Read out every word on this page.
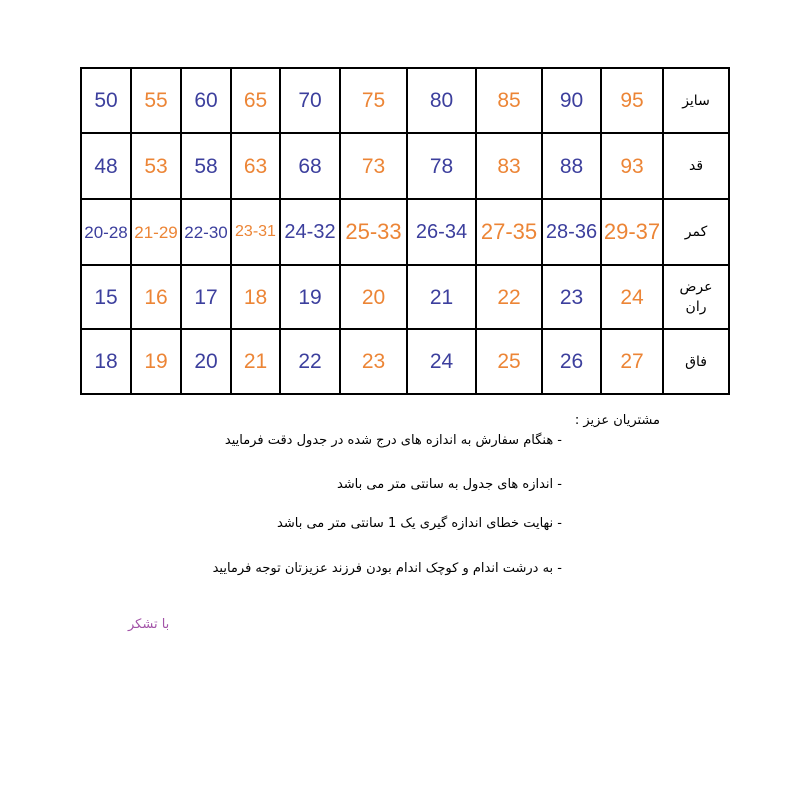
50	55	60	65	70	75	80	85	90	95	سایز
48	53	58	63	68	73	78	83	88	93	قد
20-28	21-29	22-30	23-31	24-32	25-33	26-34	27-35	28-36	29-37	کمر
15	16	17	18	19	20	21	22	23	24	عرض ران
18	19	20	21	22	23	24	25	26	27	فاق
مشتریان عزیز :
- هنگام سفارش به اندازه های درج شده در جدول دقت فرمایید
- اندازه های جدول به سانتی متر می باشد
- نهایت خطای اندازه گیری یک 1 سانتی متر می باشد
- به درشت اندام و کوچک اندام بودن فرزند عزیزتان توجه فرمایید
با تشکر
